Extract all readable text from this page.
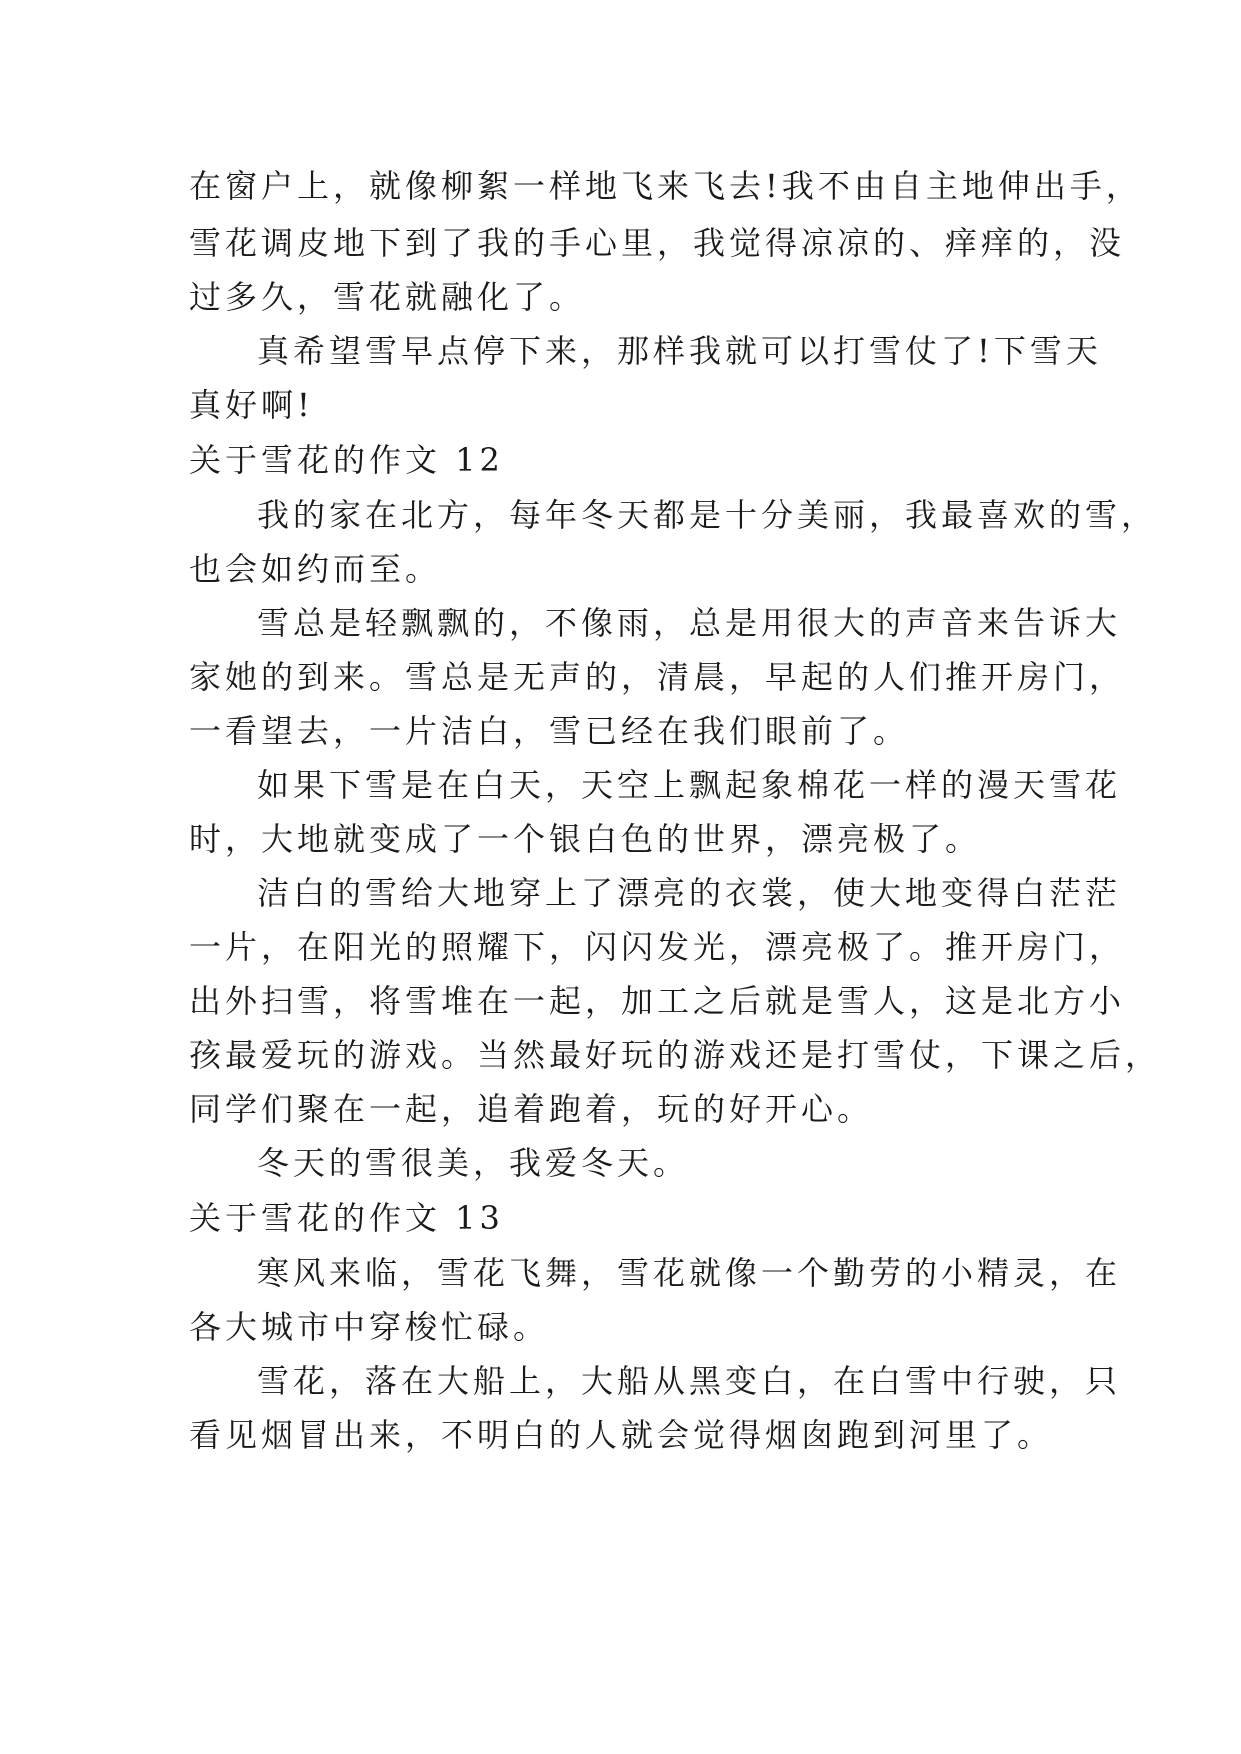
在窗户上，就像柳絮一样地飞来飞去!我不由自主地伸出手，
雪花调皮地下到了我的手心里，我觉得凉凉的、痒痒的，没
过多久，雪花就融化了。
真希望雪早点停下来，那样我就可以打雪仗了!下雪天
真好啊!
关于雪花的作文 12
我的家在北方，每年冬天都是十分美丽，我最喜欢的雪，
也会如约而至。
雪总是轻飘飘的，不像雨，总是用很大的声音来告诉大
家她的到来。雪总是无声的，清晨，早起的人们推开房门，
一看望去，一片洁白，雪已经在我们眼前了。
如果下雪是在白天，天空上飘起象棉花一样的漫天雪花
时，大地就变成了一个银白色的世界，漂亮极了。
洁白的雪给大地穿上了漂亮的衣裳，使大地变得白茫茫
一片，在阳光的照耀下，闪闪发光，漂亮极了。推开房门，
出外扫雪，将雪堆在一起，加工之后就是雪人，这是北方小
孩最爱玩的游戏。当然最好玩的游戏还是打雪仗，下课之后，
同学们聚在一起，追着跑着，玩的好开心。
冬天的雪很美，我爱冬天。
关于雪花的作文 13
寒风来临，雪花飞舞，雪花就像一个勤劳的小精灵，在
各大城市中穿梭忙碌。
雪花，落在大船上，大船从黑变白，在白雪中行驶，只
看见烟冒出来，不明白的人就会觉得烟囱跑到河里了。
